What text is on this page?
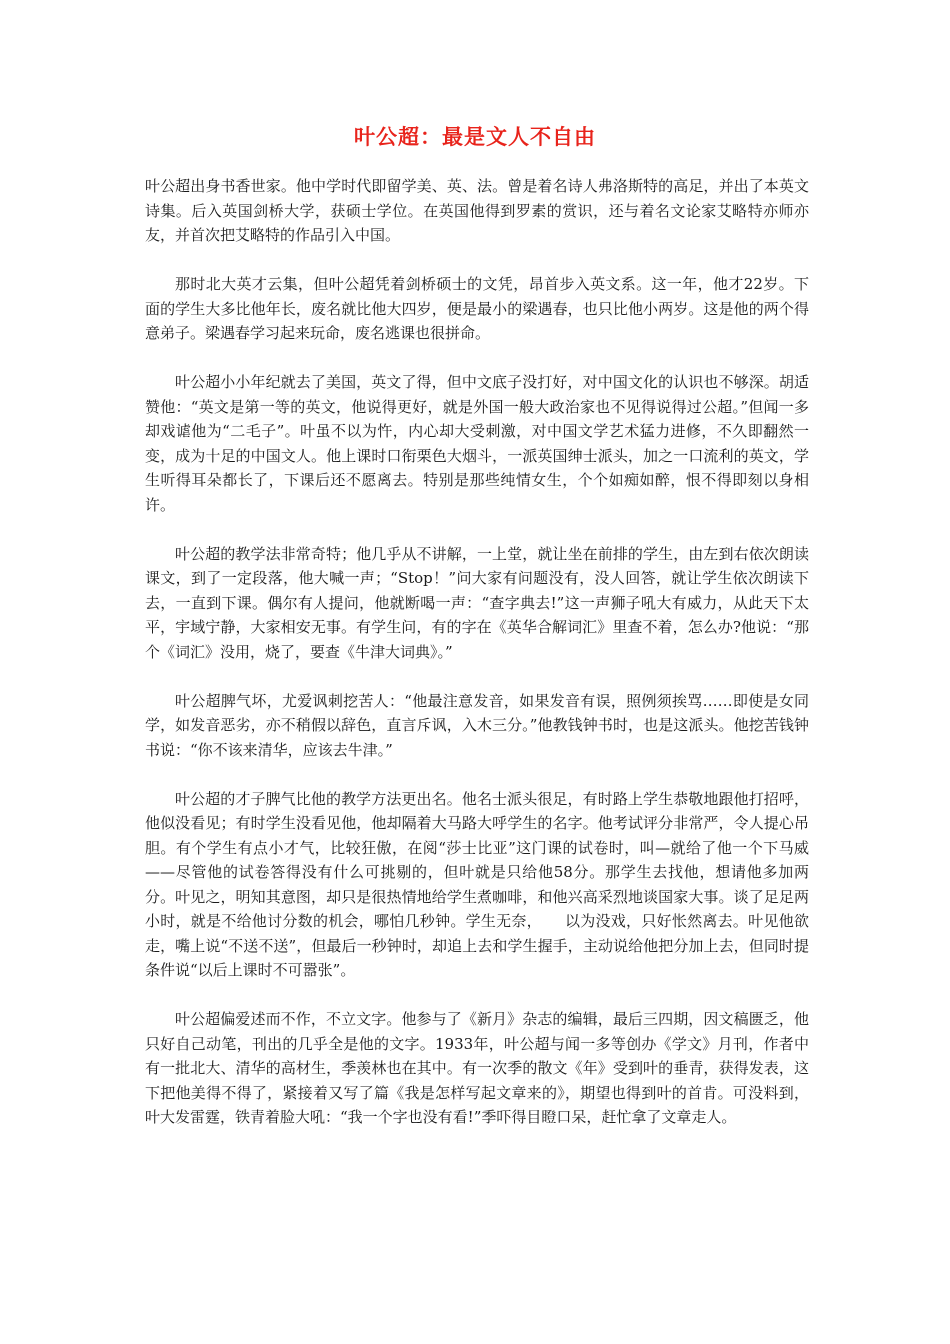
叶公超：最是文人不自由

叶公超出身书香世家。他中学时代即留学美、英、法。曾是着名诗人弗洛斯特的高足，并出了本英文诗集。后入英国剑桥大学，获硕士学位。在英国他得到罗素的赏识，还与着名文论家艾略特亦师亦友，并首次把艾略特的作品引入中国。

那时北大英才云集，但叶公超凭着剑桥硕士的文凭，昂首步入英文系。这一年，他才22岁。下面的学生大多比他年长，废名就比他大四岁，便是最小的梁遇春，也只比他小两岁。这是他的两个得意弟子。梁遇春学习起来玩命，废名逃课也很拼命。

叶公超小小年纪就去了美国，英文了得，但中文底子没打好，对中国文化的认识也不够深。胡适赞他：“英文是第一等的英文，他说得更好，就是外国一般大政治家也不见得说得过公超。”但闻一多却戏谑他为“二毛子”。叶虽不以为忤，内心却大受刺激，对中国文学艺术猛力进修，不久即翻然一变，成为十足的中国文人。他上课时口衔栗色大烟斗，一派英国绅士派头，加之一口流利的英文，学生听得耳朵都长了，下课后还不愿离去。特别是那些纯情女生，个个如痴如醉，恨不得即刻以身相许。

叶公超的教学法非常奇特；他几乎从不讲解，一上堂，就让坐在前排的学生，由左到右依次朗读课文，到了一定段落，他大喊一声；“Stop！”问大家有问题没有，没人回答，就让学生依次朗读下去，一直到下课。偶尔有人提问，他就断喝一声：“查字典去!”这一声狮子吼大有威力，从此天下太平，宇域宁静，大家相安无事。有学生问，有的字在《英华合解词汇》里查不着，怎么办?他说：“那个《词汇》没用，烧了，要查《牛津大词典》。”

叶公超脾气坏，尤爱讽刺挖苦人：“他最注意发音，如果发音有误，照例须挨骂……即使是女同学，如发音恶劣，亦不稍假以辞色，直言斥讽，入木三分。”他教钱钟书时，也是这派头。他挖苦钱钟书说：“你不该来清华，应该去牛津。”

叶公超的才子脾气比他的教学方法更出名。他名士派头很足，有时路上学生恭敬地跟他打招呼，他似没看见；有时学生没看见他，他却隔着大马路大呼学生的名字。他考试评分非常严，令人提心吊胆。有个学生有点小才气，比较狂傲，在阅“莎士比亚”这门课的试卷时，叫—就给了他一个下马威——尽管他的试卷答得没有什么可挑剔的，但叶就是只给他58分。那学生去找他，想请他多加两分。叶见之，明知其意图，却只是很热情地给学生煮咖啡，和他兴高采烈地谈国家大事。谈了足足两小时，就是不给他讨分数的机会，哪怕几秒钟。学生无奈，　　以为没戏，只好怅然离去。叶见他欲走，嘴上说“不送不送”，但最后一秒钟时，却追上去和学生握手，主动说给他把分加上去，但同时提条件说“以后上课时不可嚣张”。

叶公超偏爱述而不作，不立文字。他参与了《新月》杂志的编辑，最后三四期，因文稿匮乏，他只好自己动笔，刊出的几乎全是他的文字。1933年，叶公超与闻一多等创办《学文》月刊，作者中有一批北大、清华的高材生，季羡林也在其中。有一次季的散文《年》受到叶的垂青，获得发表，这下把他美得不得了，紧接着又写了篇《我是怎样写起文章来的》，期望也得到叶的首肯。可没料到，叶大发雷霆，铁青着脸大吼：“我一个字也没有看!”季吓得目瞪口呆，赶忙拿了文章走人。
